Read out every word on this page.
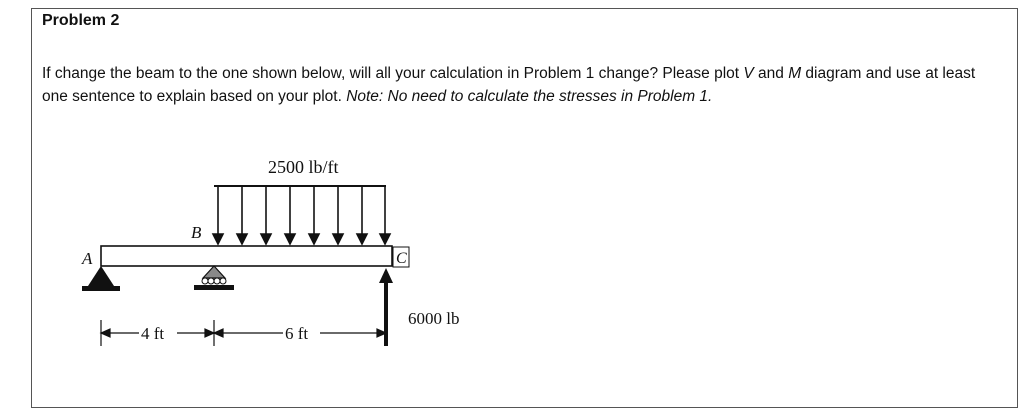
Problem 2
If change the beam to the one shown below, will all your calculation in Problem 1 change? Please plot V and M diagram and use at least one sentence to explain based on your plot. Note: No need to calculate the stresses in Problem 1.
2500 lb/ft
A
B
C
6000 lb
4 ft	6 ft
